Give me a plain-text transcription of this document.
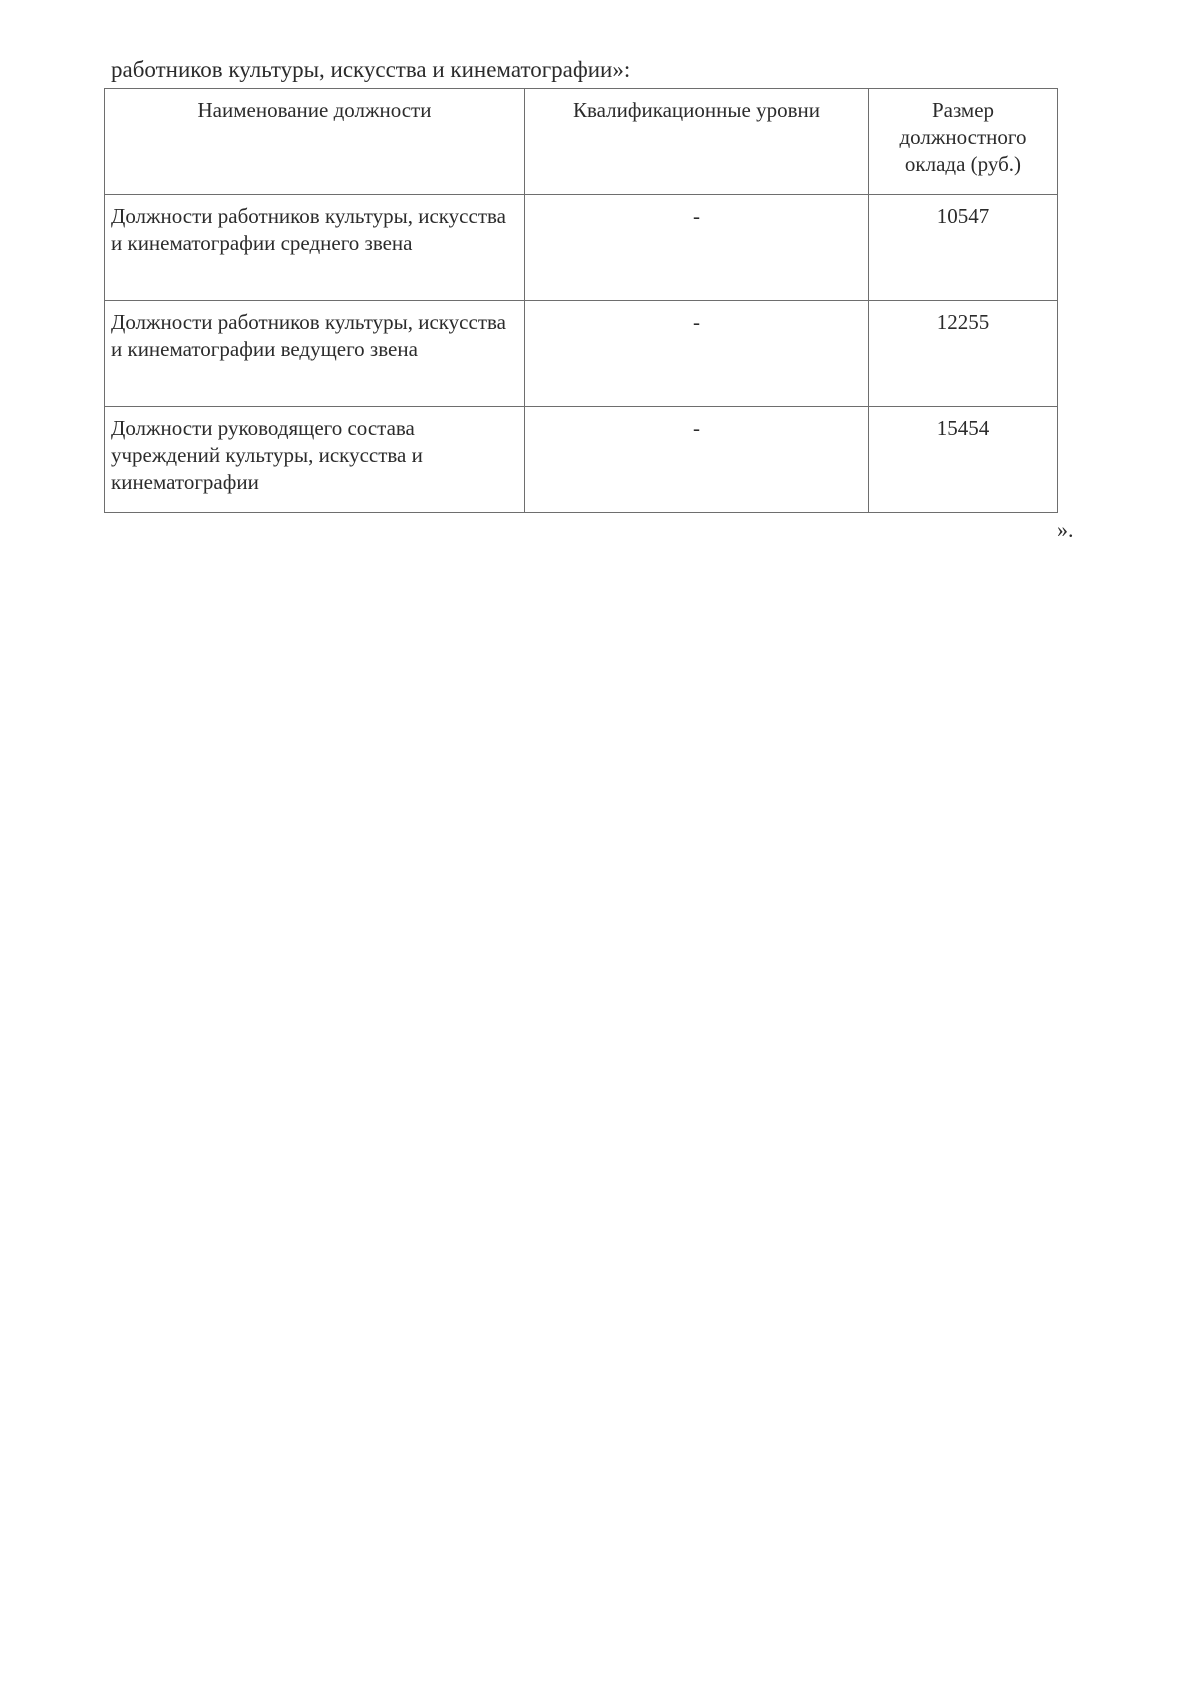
работников культуры, искусства и кинематографии»:
Наименование должности	Квалификационные уровни	Размер должностного оклада (руб.)
Должности работников культуры, искусства и кинематографии среднего звена	-	10547
Должности работников культуры, искусства и кинематографии ведущего звена	-	12255
Должности руководящего состава учреждений культуры, искусства и кинематографии	-	15454
».
